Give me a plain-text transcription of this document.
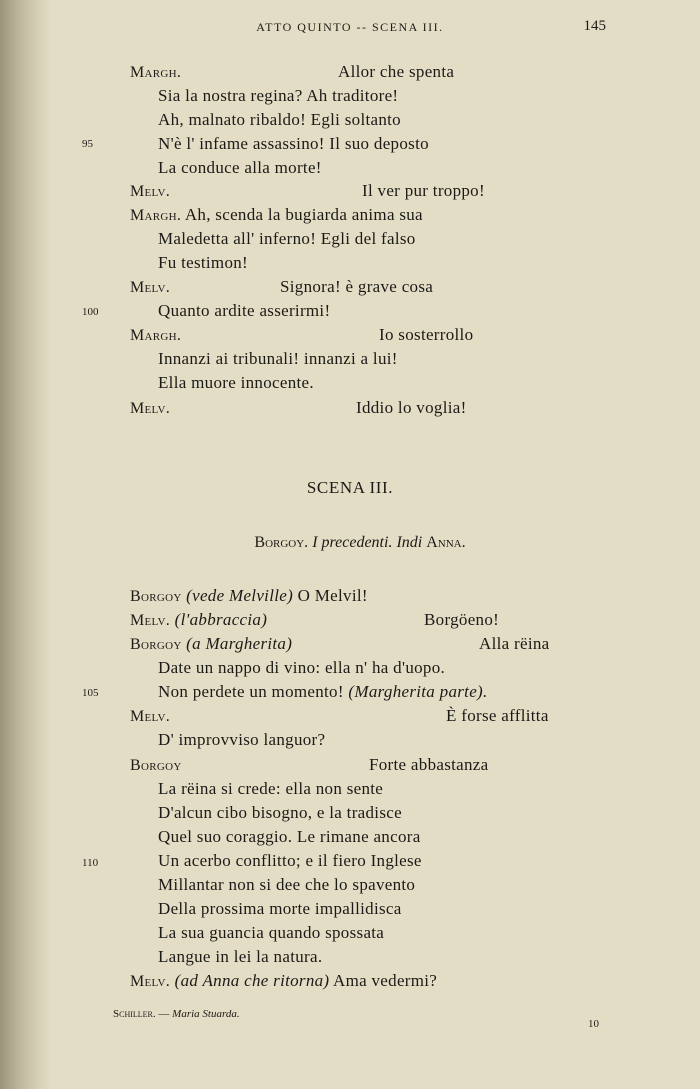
ATTO QUINTO -- SCENA III.	145
95
100
105
110
Margh.	Allor che spenta
Sia la nostra regina? Ah traditore!
Ah, malnato ribaldo! Egli soltanto
N'è l' infame assassino! Il suo deposto
La conduce alla morte!
Melv.	Il ver pur troppo!
Margh. Ah, scenda la bugiarda anima sua
Maledetta all' inferno! Egli del falso
Fu testimon!
Melv.	Signora! è grave cosa
Quanto ardite asserirmi!
Margh.	Io sosterrollo
Innanzi ai tribunali! innanzi a lui!
Ella muore innocente.
Melv.	Iddio lo voglia!
SCENA III.
Borgoy. I precedenti. Indi Anna.
Borgoy (vede Melville) O Melvil!
Melv. (l'abbraccia)	Borgöeno!
Borgoy (a Margherita)	Alla rëina
Date un nappo di vino: ella n' ha d'uopo.
Non perdete un momento! (Margherita parte).
Melv.	È forse afflitta
D' improvviso languor?
Borgoy	Forte abbastanza
La rëina si crede: ella non sente
D'alcun cibo bisogno, e la tradisce
Quel suo coraggio. Le rimane ancora
Un acerbo conflitto; e il fiero Inglese
Millantar non si dee che lo spavento
Della prossima morte impallidisca
La sua guancia quando spossata
Langue in lei la natura.
Melv. (ad Anna che ritorna) Ama vedermi?
Schiller. — Maria Stuarda.
10
